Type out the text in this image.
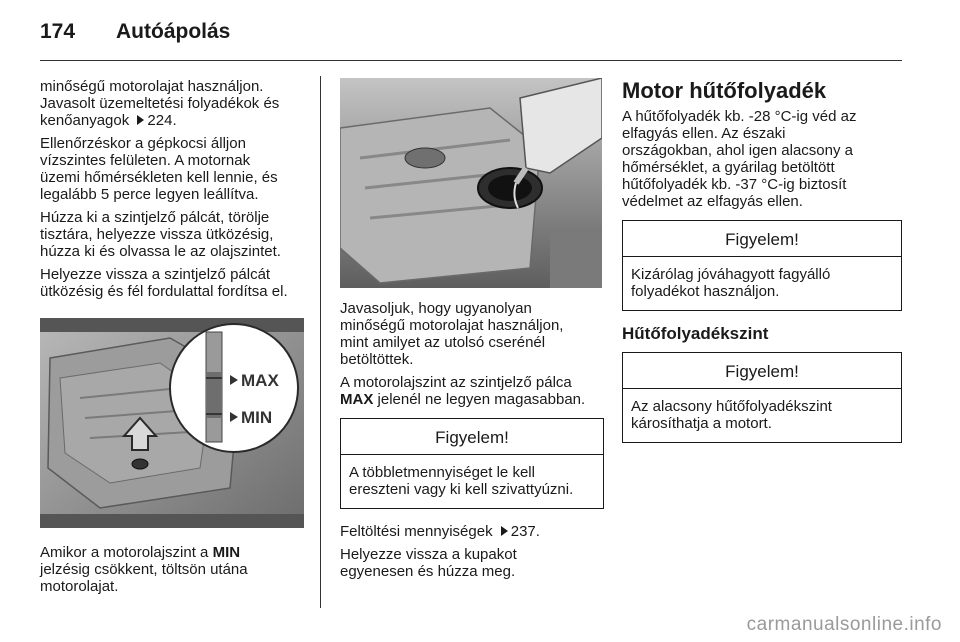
174 Autóápolás

minőségű motorolajat használjon.
Javasolt üzemeltetési folyadékok és
kenőanyagok 224.

Ellenőrzéskor a gépkocsi álljon
vízszintes felületen. A motornak
üzemi hőmérsékleten kell lennie, és
legalább 5 perce legyen leállítva.

Húzza ki a szintjelző pálcát, törölje
tisztára, helyezze vissza ütközésig,
húzza ki és olvassa le az olajszintet.

Helyezze vissza a szintjelző pálcát
ütközésig és fél fordulattal fordítsa el.

MAX
MIN

Amikor a motorolajszint a MIN
jelzésig csökkent, töltsön utána
motorolajat.

Javasoljuk, hogy ugyanolyan
minőségű motorolajat használjon,
mint amilyet az utolsó cserénél
betöltöttek.

A motorolajszint az szintjelző pálca
MAX jelenél ne legyen magasabban.

Figyelem!
A többletmennyiséget le kell
ereszteni vagy ki kell szivattyúzni.

Feltöltési mennyiségek 237.

Helyezze vissza a kupakot
egyenesen és húzza meg.

Motor hűtőfolyadék

A hűtőfolyadék kb. -28 °C-ig véd az
elfagyás ellen. Az északi
országokban, ahol igen alacsony a
hőmérséklet, a gyárilag betöltött
hűtőfolyadék kb. -37 °C-ig biztosít
védelmet az elfagyás ellen.

Figyelem!
Kizárólag jóváhagyott fagyálló
folyadékot használjon.
Hűtőfolyadékszint
Figyelem!
Az alacsony hűtőfolyadékszint
károsíthatja a motort.
carmanualsonline.info
